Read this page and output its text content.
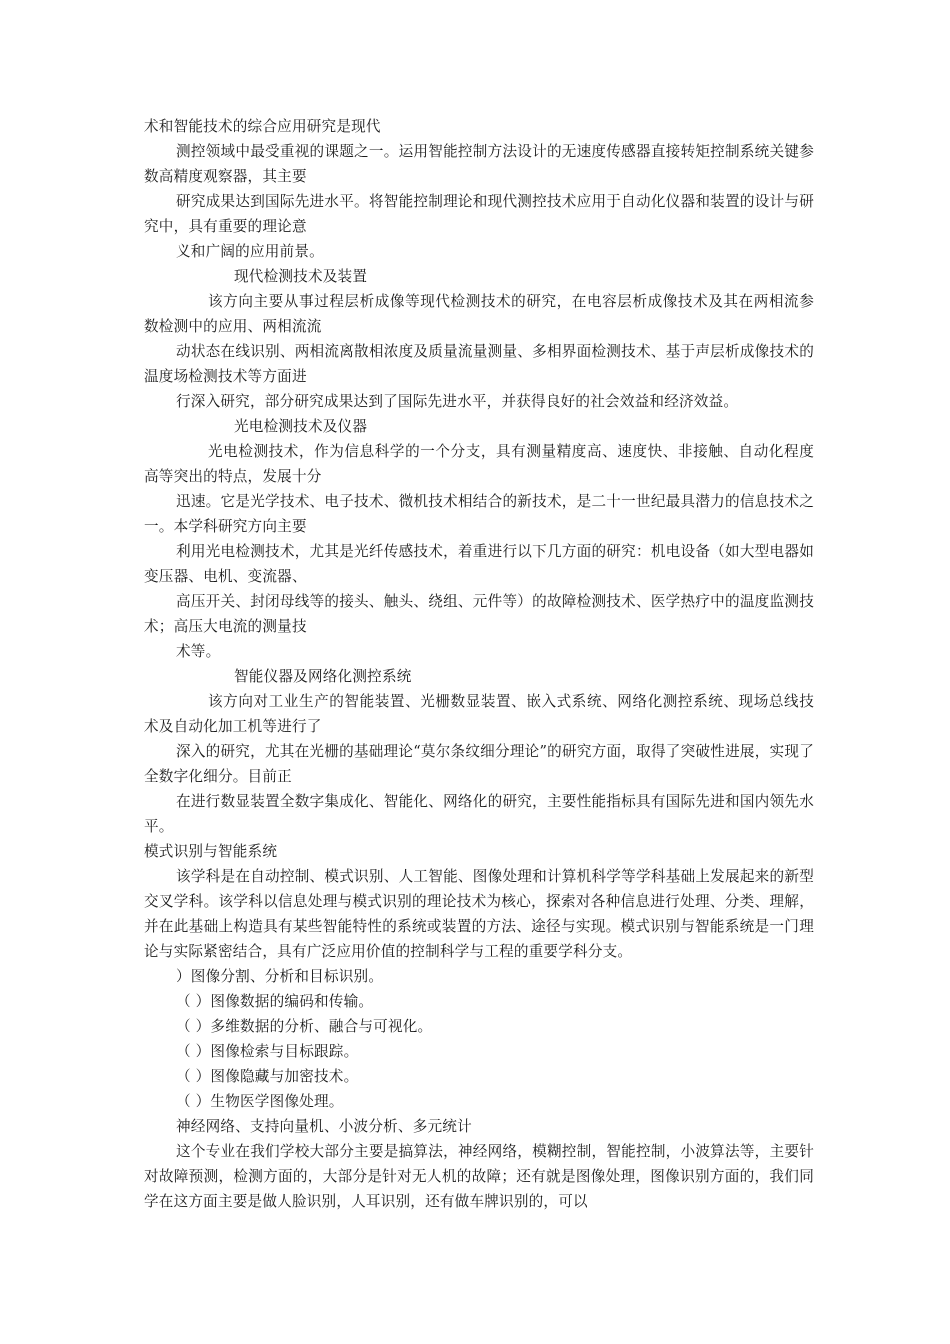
术和智能技术的综合应用研究是现代

测控领域中最受重视的课题之一。运用智能控制方法设计的无速度传感器直接转矩控制系统关键参数高精度观察器，其主要

研究成果达到国际先进水平。将智能控制理论和现代测控技术应用于自动化仪器和装置的设计与研究中，具有重要的理论意

义和广阔的应用前景。

现代检测技术及装置

该方向主要从事过程层析成像等现代检测技术的研究，在电容层析成像技术及其在两相流参数检测中的应用、两相流流

动状态在线识别、两相流离散相浓度及质量流量测量、多相界面检测技术、基于声层析成像技术的温度场检测技术等方面进

行深入研究，部分研究成果达到了国际先进水平，并获得良好的社会效益和经济效益。

光电检测技术及仪器

光电检测技术，作为信息科学的一个分支，具有测量精度高、速度快、非接触、自动化程度高等突出的特点，发展十分

迅速。它是光学技术、电子技术、微机技术相结合的新技术，是二十一世纪最具潜力的信息技术之一。本学科研究方向主要

利用光电检测技术，尤其是光纤传感技术，着重进行以下几方面的研究：机电设备（如大型电器如变压器、电机、变流器、

高压开关、封闭母线等的接头、触头、绕组、元件等）的故障检测技术、医学热疗中的温度监测技术；高压大电流的测量技

术等。

智能仪器及网络化测控系统

该方向对工业生产的智能装置、光栅数显装置、嵌入式系统、网络化测控系统、现场总线技术及自动化加工机等进行了

深入的研究，尤其在光栅的基础理论“莫尔条纹细分理论”的研究方面，取得了突破性进展，实现了全数字化细分。目前正

在进行数显装置全数字集成化、智能化、网络化的研究，主要性能指标具有国际先进和国内领先水平。

模式识别与智能系统

该学科是在自动控制、模式识别、人工智能、图像处理和计算机科学等学科基础上发展起来的新型交叉学科。该学科以信息处理与模式识别的理论技术为核心，探索对各种信息进行处理、分类、理解，并在此基础上构造具有某些智能特性的系统或装置的方法、途径与实现。模式识别与智能系统是一门理论与实际紧密结合，具有广泛应用价值的控制科学与工程的重要学科分支。

）图像分割、分析和目标识别。

（ ）图像数据的编码和传输。

（ ）多维数据的分析、融合与可视化。

（ ）图像检索与目标跟踪。

（ ）图像隐藏与加密技术。

（ ）生物医学图像处理。

神经网络、支持向量机、小波分析、多元统计

这个专业在我们学校大部分主要是搞算法，神经网络，模糊控制，智能控制，小波算法等，主要针对故障预测，检测方面的，大部分是针对无人机的故障；还有就是图像处理，图像识别方面的，我们同学在这方面主要是做人脸识别，人耳识别，还有做车牌识别的，可以
